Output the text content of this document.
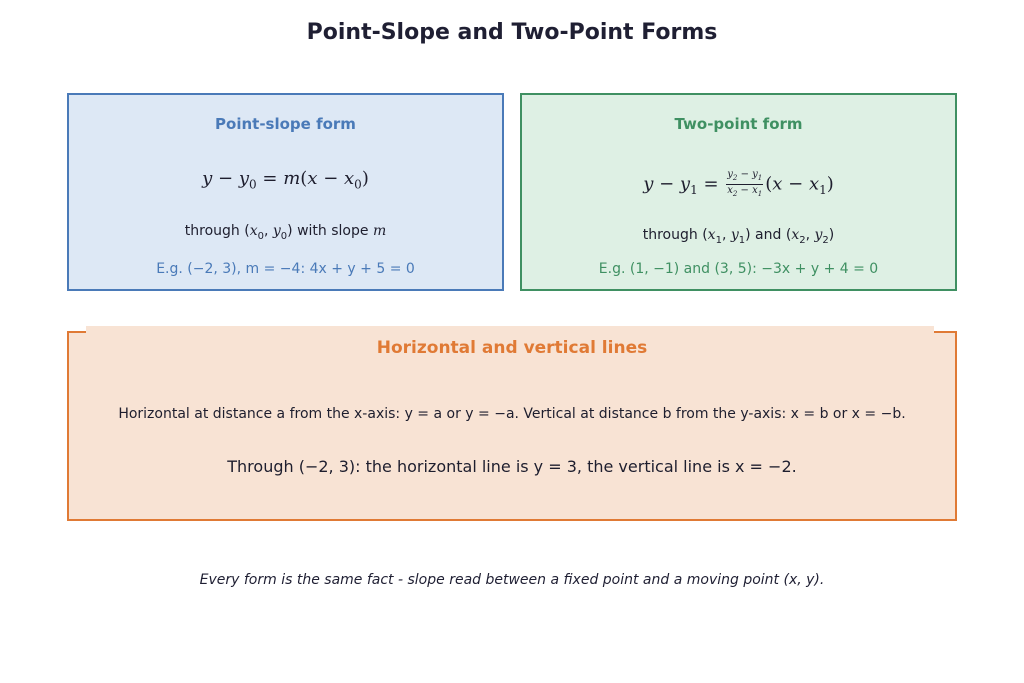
Point-Slope and Two-Point Forms
Point-slope form
$y - y_0 = m(x - x_0)$
through ($x_0$, $y_0$) with slope m
E.g. (−2, 3), m = −4: 4x + y + 5 = 0
Two-point form
$y - y_1 = \frac{y_2 - y_1}{x_2 - x_1} (x - x_1)$
through ($x_1$, $y_1$) and ($x_2$, $y_2$)
E.g. (1, −1) and (3, 5): −3x + y + 4 = 0
Horizontal at distance a from the x-axis: y = a or y = −a. Vertical at distance b from the y-axis: x = b or x = −b.
Through (−2, 3): the horizontal line is y = 3, the vertical line is x = −2.
Horizontal and vertical lines
Every form is the same fact - slope read between a fixed point and a moving point (x, y).
